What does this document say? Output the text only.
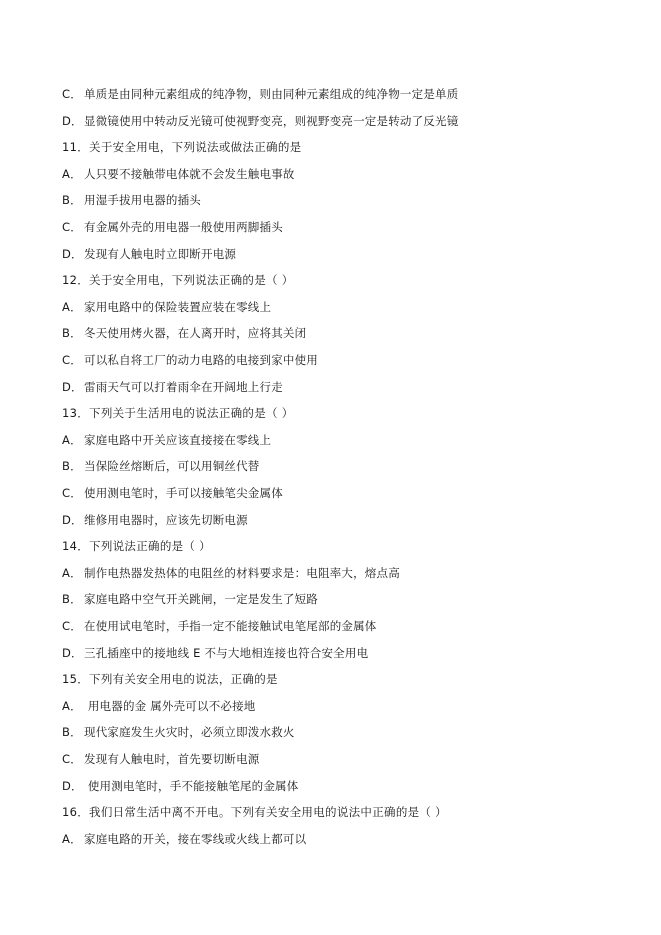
C． 单质是由同种元素组成的纯净物，则由同种元素组成的纯净物一定是单质
D．显微镜使用中转动反光镜可使视野变亮，则视野变亮一定是转动了反光镜
11．关于安全用电，下列说法或做法正确的是
A． 人只要不接触带电体就不会发生触电事故
B． 用湿手拔用电器的插头
C． 有金属外壳的用电器一般使用两脚插头
D．发现有人触电时立即断开电源
12．关于安全用电，下列说法正确的是（ ）
A． 家用电路中的保险装置应装在零线上
B． 冬天使用烤火器，在人离开时，应将其关闭
C． 可以私自将工厂的动力电路的电接到家中使用
D．雷雨天气可以打着雨伞在开阔地上行走
13．下列关于生活用电的说法正确的是（ ）
A． 家庭电路中开关应该直接接在零线上
B． 当保险丝熔断后，可以用铜丝代替
C． 使用测电笔时，手可以接触笔尖金属体
D．维修用电器时，应该先切断电源
14．下列说法正确的是（ ）
A． 制作电热器发热体的电阻丝的材料要求是：电阻率大，熔点高
B． 家庭电路中空气开关跳闸，一定是发生了短路
C． 在使用试电笔时，手指一定不能接触试电笔尾部的金属体
D．三孔插座中的接地线 E 不与大地相连接也符合安全用电
15．下列有关安全用电的说法，正确的是
A． 用电器的金 属外壳可以不必接地
B． 现代家庭发生火灾时，必须立即泼水救火
C． 发现有人触电时，首先要切断电源
D． 使用测电笔时，手不能接触笔尾的金属体
16．我们日常生活中离不开电。下列有关安全用电的说法中正确的是（ ）
A． 家庭电路的开关，接在零线或火线上都可以
